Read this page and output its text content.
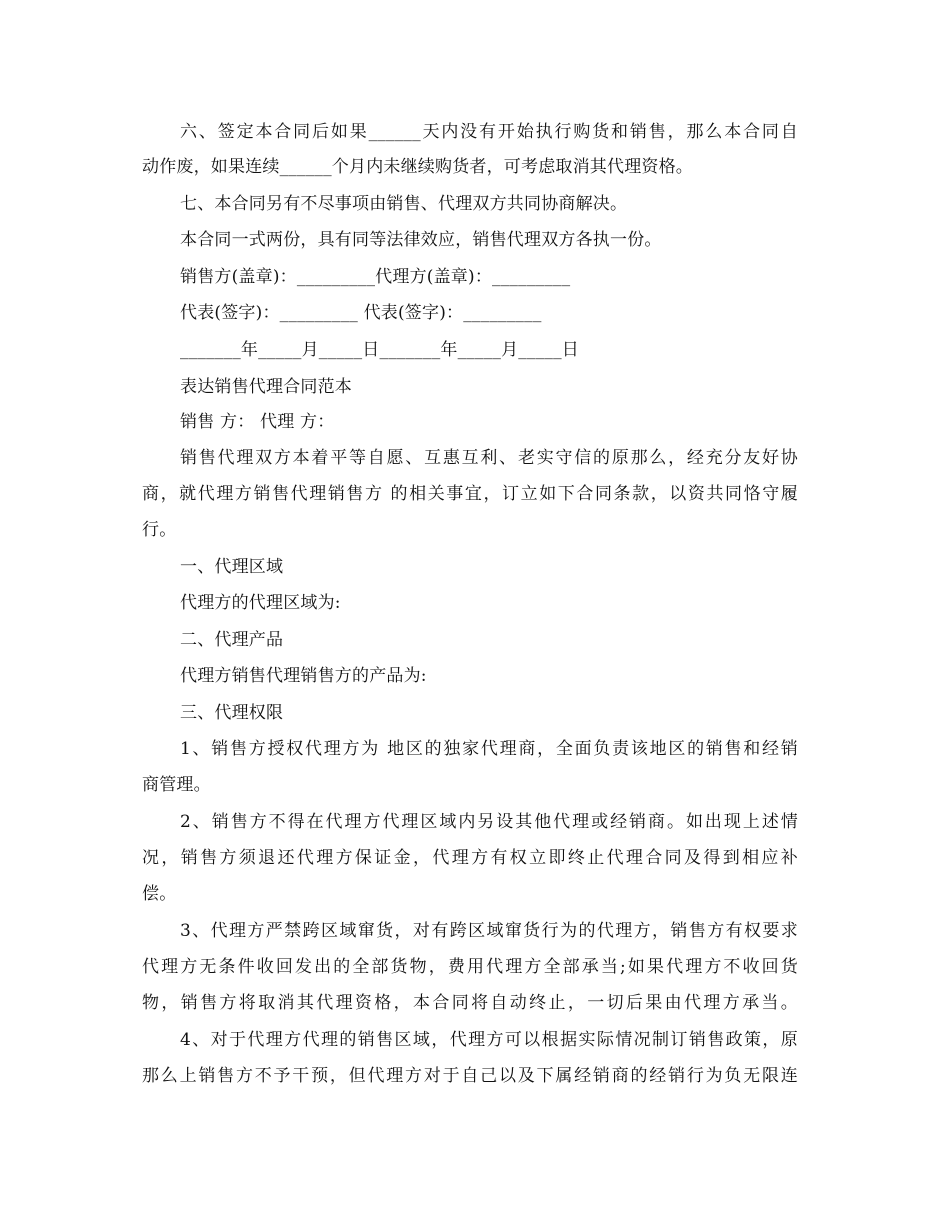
六、签定本合同后如果______天内没有开始执行购货和销售，那么本合同自
动作废，如果连续______个月内未继续购货者，可考虑取消其代理资格。
七、本合同另有不尽事项由销售、代理双方共同协商解决。
本合同一式两份，具有同等法律效应，销售代理双方各执一份。
销售方(盖章)：_________代理方(盖章)：_________
代表(签字)：_________ 代表(签字)：_________
_______年_____月_____日_______年_____月_____日
表达销售代理合同范本
销售 方： 代理 方：
销售代理双方本着平等自愿、互惠互利、老实守信的原那么，经充分友好协
商，就代理方销售代理销售方 的相关事宜，订立如下合同条款，以资共同恪守履
行。
一、代理区域
代理方的代理区域为:
二、代理产品
代理方销售代理销售方的产品为:
三、代理权限
1、销售方授权代理方为 地区的独家代理商，全面负责该地区的销售和经销
商管理。
2、销售方不得在代理方代理区域内另设其他代理或经销商。如出现上述情
况，销售方须退还代理方保证金，代理方有权立即终止代理合同及得到相应补
偿。
3、代理方严禁跨区域窜货，对有跨区域窜货行为的代理方，销售方有权要求
代理方无条件收回发出的全部货物，费用代理方全部承当;如果代理方不收回货
物，销售方将取消其代理资格，本合同将自动终止，一切后果由代理方承当。
4、对于代理方代理的销售区域，代理方可以根据实际情况制订销售政策，原
那么上销售方不予干预，但代理方对于自己以及下属经销商的经销行为负无限连
